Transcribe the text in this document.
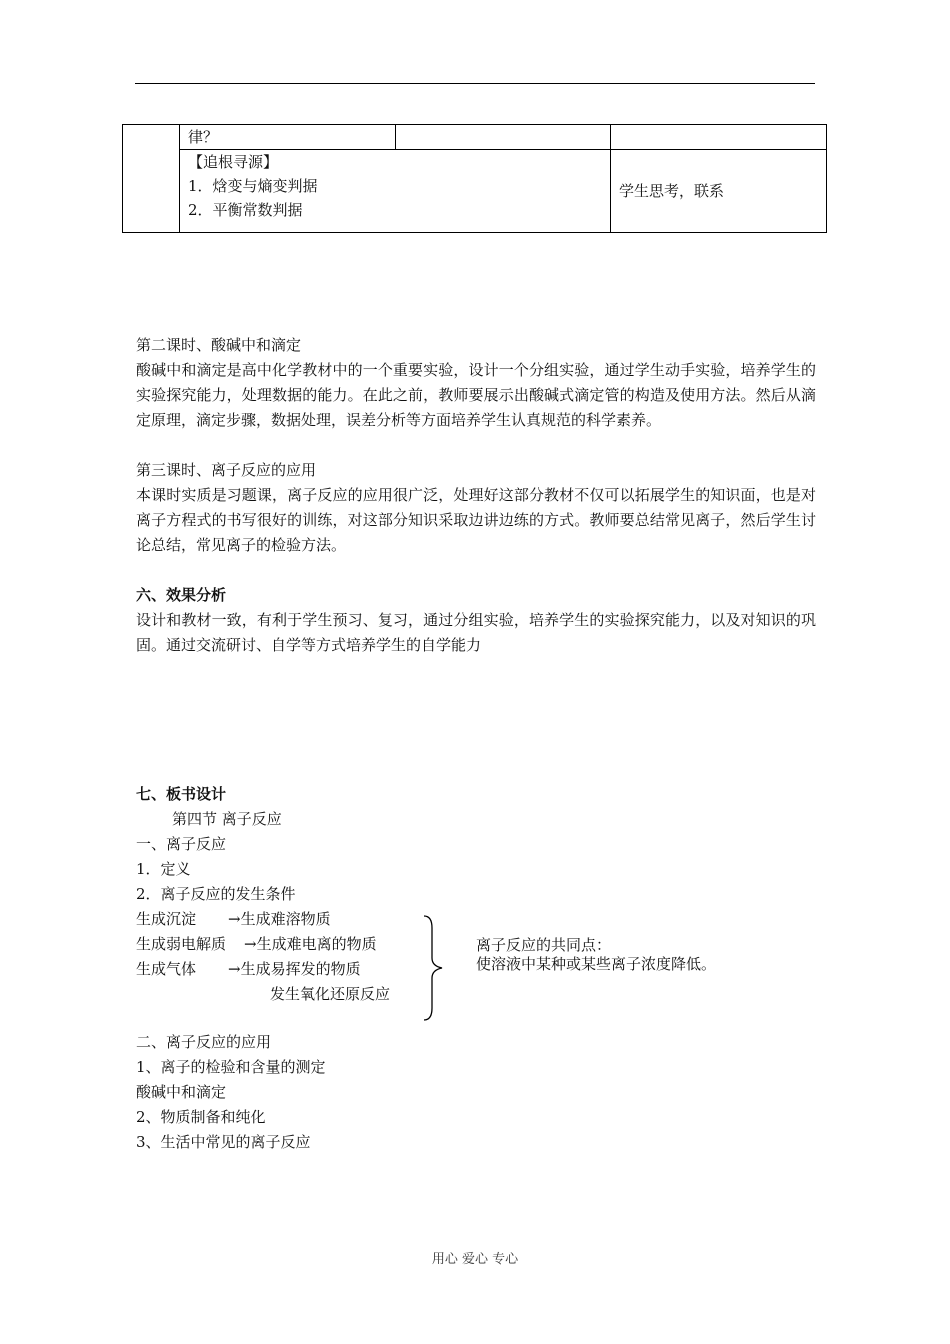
	律？		

	【追根寻源】
1．焓变与熵变判据
2．平衡常数判据		学生思考，联系
第二课时、酸碱中和滴定
酸碱中和滴定是高中化学教材中的一个重要实验，设计一个分组实验，通过学生动手实验，培养学生的实验探究能力，处理数据的能力。在此之前，教师要展示出酸碱式滴定管的构造及使用方法。然后从滴定原理，滴定步骤，数据处理，误差分析等方面培养学生认真规范的科学素养。
第三课时、离子反应的应用
本课时实质是习题课，离子反应的应用很广泛，处理好这部分教材不仅可以拓展学生的知识面，也是对离子方程式的书写很好的训练，对这部分知识采取边讲边练的方式。教师要总结常见离子，然后学生讨论总结，常见离子的检验方法。
六、效果分析
设计和教材一致，有利于学生预习、复习，通过分组实验，培养学生的实验探究能力，以及对知识的巩固。通过交流研讨、自学等方式培养学生的自学能力
七、板书设计
第四节 离子反应
一、离子反应
1．定义
2．离子反应的发生条件
生成沉淀 →生成难溶物质
生成弱电解质 →生成难电离的物质
生成气体 →生成易挥发的物质
发生氧化还原反应
离子反应的共同点：
使溶液中某种或某些离子浓度降低。
二、离子反应的应用
1、离子的检验和含量的测定
酸碱中和滴定
2、物质制备和纯化
3、生活中常见的离子反应
用心 爱心 专心
